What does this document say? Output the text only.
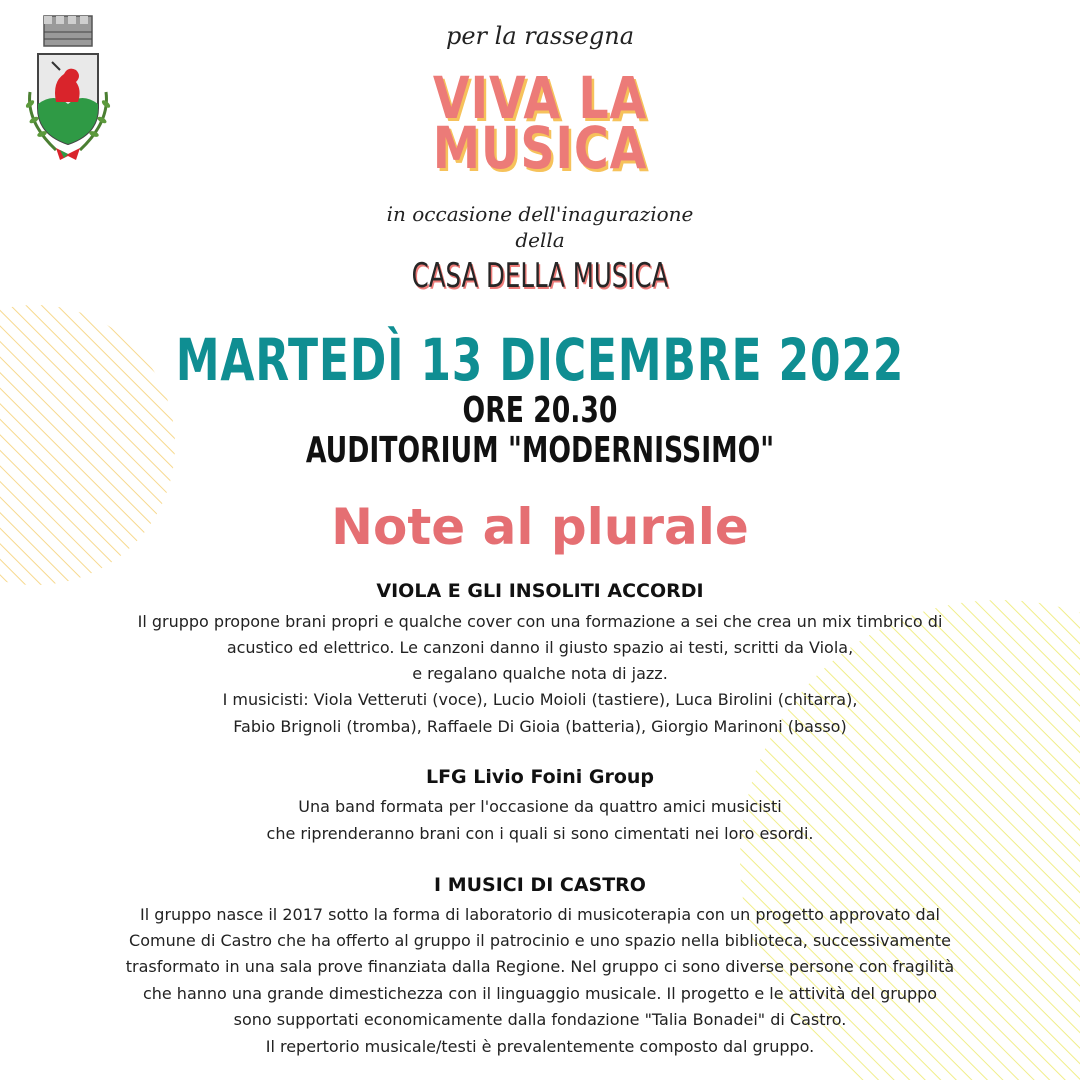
per la rassegna
VIVA LA
MUSICA
in occasione dell'inagurazione
della
CASA DELLA MUSICA
MARTEDÌ 13 DICEMBRE 2022
ORE 20.30
AUDITORIUM "MODERNISSIMO"
Note al plurale
VIOLA E GLI INSOLITI ACCORDI
Il gruppo propone brani propri e qualche cover con una formazione a sei che crea un mix timbrico di
acustico ed elettrico. Le canzoni danno il giusto spazio ai testi, scritti da Viola,
e regalano qualche nota di jazz.
I musicisti: Viola Vetteruti (voce), Lucio Moioli (tastiere), Luca Birolini (chitarra),
Fabio Brignoli (tromba), Raffaele Di Gioia (batteria), Giorgio Marinoni (basso)
LFG Livio Foini Group
Una band formata per l'occasione da quattro amici musicisti
che riprenderanno brani con i quali si sono cimentati nei loro esordi.
I MUSICI DI CASTRO
Il gruppo nasce il 2017 sotto la forma di laboratorio di musicoterapia con un progetto approvato dal
Comune di Castro che ha offerto al gruppo il patrocinio e uno spazio nella biblioteca, successivamente
trasformato in una sala prove finanziata dalla Regione. Nel gruppo ci sono diverse persone con fragilità
che hanno una grande dimestichezza con il linguaggio musicale. Il progetto e le attività del gruppo
sono supportati economicamente dalla fondazione "Talia Bonadei" di Castro.
Il repertorio musicale/testi è prevalentemente composto dal gruppo.
